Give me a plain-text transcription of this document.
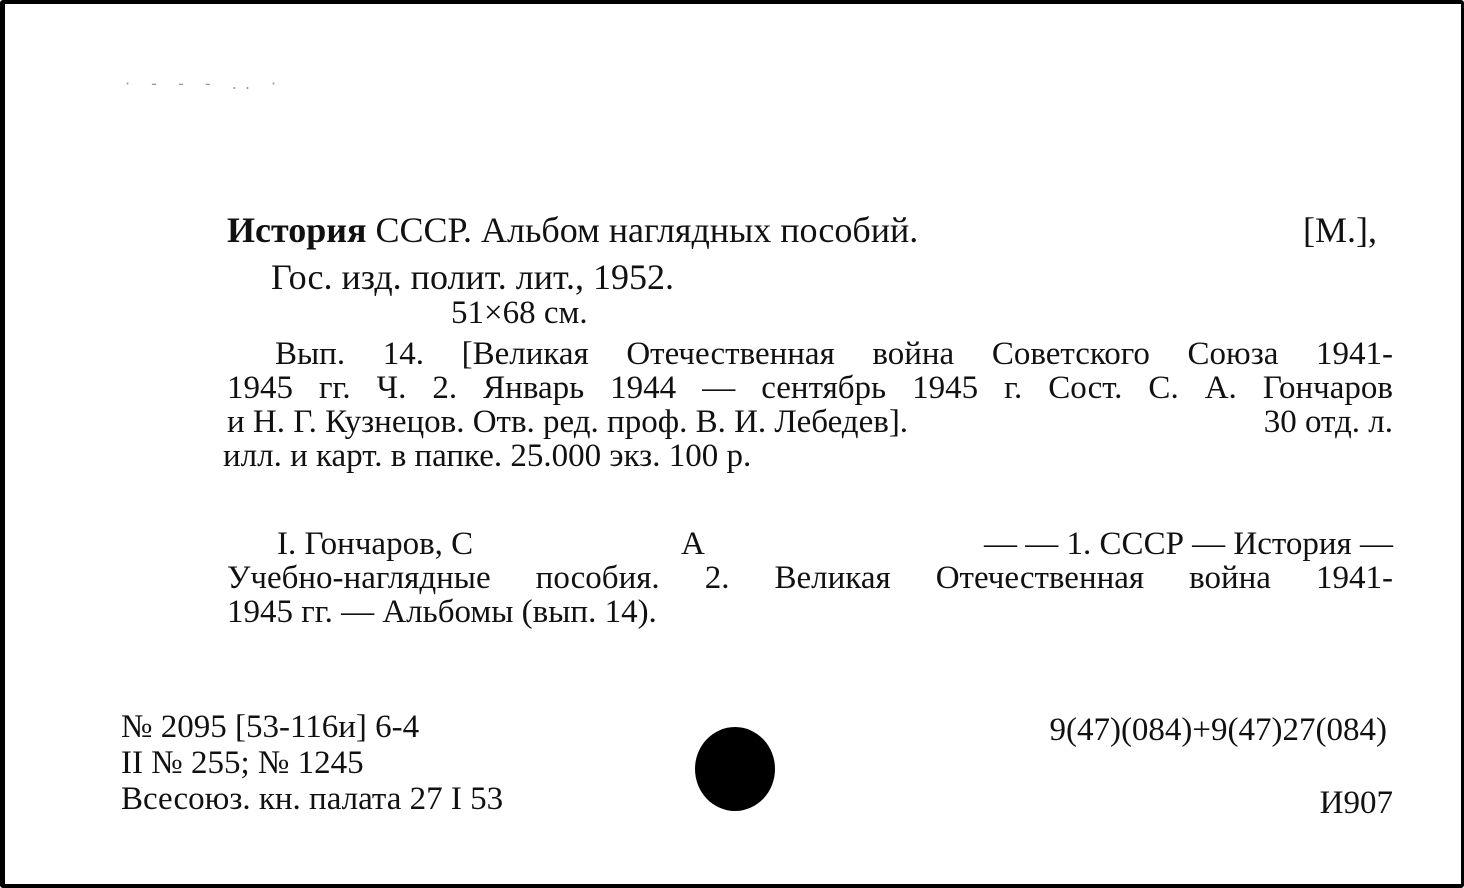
· - - - .. ·
История СССР. Альбом наглядных пособий.	[M.],
Гос. изд. полит. лит., 1952.
51×68 см.
Вып. 14. [Великая Отечественная война Советского Союза 1941-
1945 гг. Ч. 2. Январь 1944 — сентябрь 1945 г. Сост. С. А. Гончаров
и Н. Г. Кузнецов. Отв. ред. проф. В. И. Лебедев].	30 отд. л.
илл. и карт. в папке. 25.000 экз. 100 р.
I. Гончаров, С	А	— — 1. СССР — История —
Учебно-наглядные пособия. 2. Великая Отечественная война 1941-
1945 гг. — Альбомы (вып. 14).
№ 2095 [53-116и] 6-4
II № 255; № 1245
Всесоюз. кн. палата 27 I 53
9(47)(084)+9(47)27(084)
И907
